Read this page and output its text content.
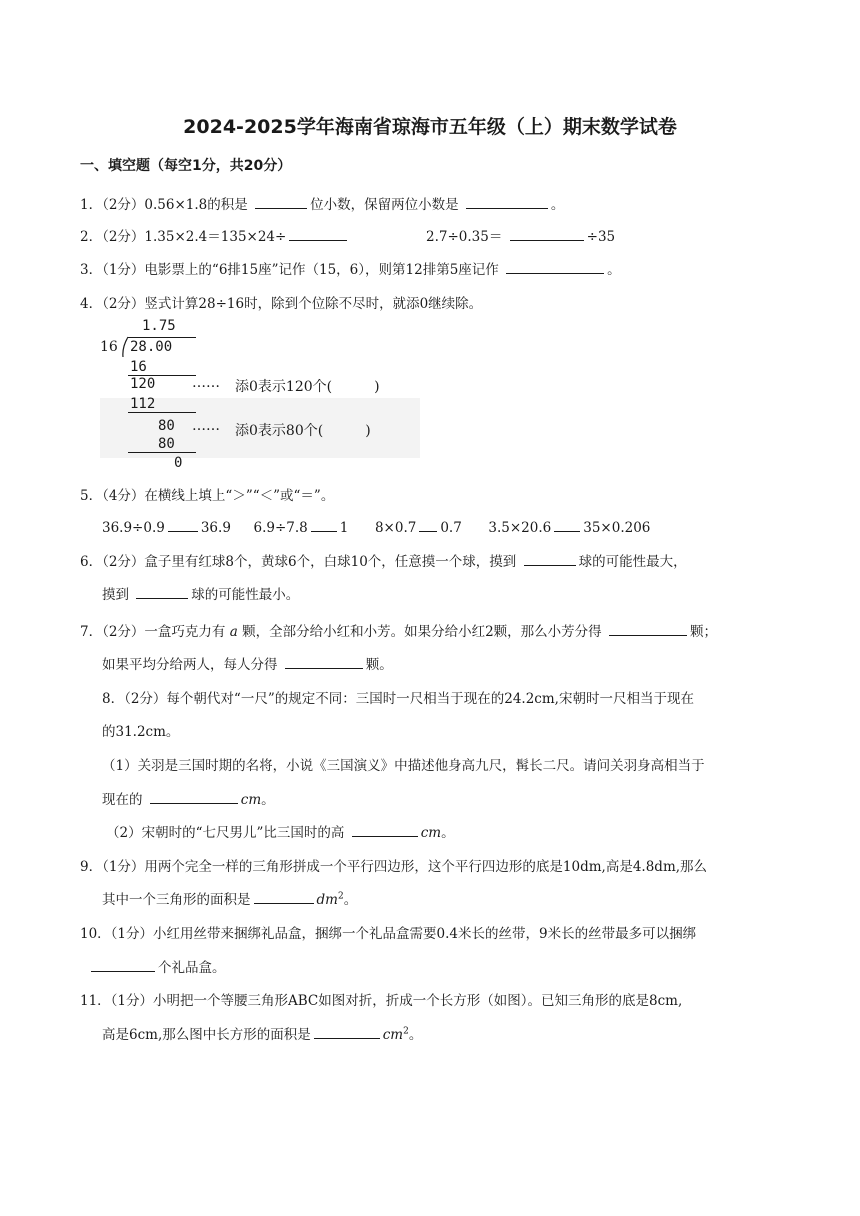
2024-2025学年海南省琼海市五年级（上）期末数学试卷
一、填空题（每空1分，共20分）
1．（2分）0.56×1.8的积是	位小数，保留两位小数是	。
2．（2分）1.35×2.4＝135×24÷	2.7÷0.35＝	÷35
3．（1分）电影票上的“6排15座”记作（15，6），则第12排第5座记作	。
4．（2分）竖式计算28÷16时，除到个位除不尽时，就添0继续除。
1.75
16 28.00
16
120	…… 添0表示120个(	)
112
80 …… 添0表示80个(	)
80
0
5．（4分）在横线上填上“＞”“＜”或“＝”。
36.9÷0.9	36.9 6.9÷7.8 1 8×0.7 0.7 3.5×20.6 35×0.206
6．（2分）盒子里有红球8个，黄球6个，白球10个，任意摸一个球，摸到	球的可能性最大，
摸到	球的可能性最小。
7．（2分）一盒巧克力有 a 颗，全部分给小红和小芳。如果分给小红2颗，那么小芳分得	颗；
如果平均分给两人，每人分得	颗。
8．（2分）每个朝代对“一尺”的规定不同：三国时一尺相当于现在的24.2cm,宋朝时一尺相当于现在
的31.2cm。
（1）关羽是三国时期的名将，小说《三国演义》中描述他身高九尺，髯长二尺。请问关羽身高相当于
现在的	cm。
（2）宋朝时的“七尺男儿”比三国时的高	cm。
9．（1分）用两个完全一样的三角形拼成一个平行四边形，这个平行四边形的底是10dm,高是4.8dm,那么
其中一个三角形的面积是	$dm^2$。
10．（1分）小红用丝带来捆绑礼品盒，捆绑一个礼品盒需要0.4米长的丝带，9米长的丝带最多可以捆绑
个礼品盒。
11．（1分）小明把一个等腰三角形ABC如图对折，折成一个长方形（如图）。已知三角形的底是8cm,
高是6cm,那么图中长方形的面积是	$cm^2$。
